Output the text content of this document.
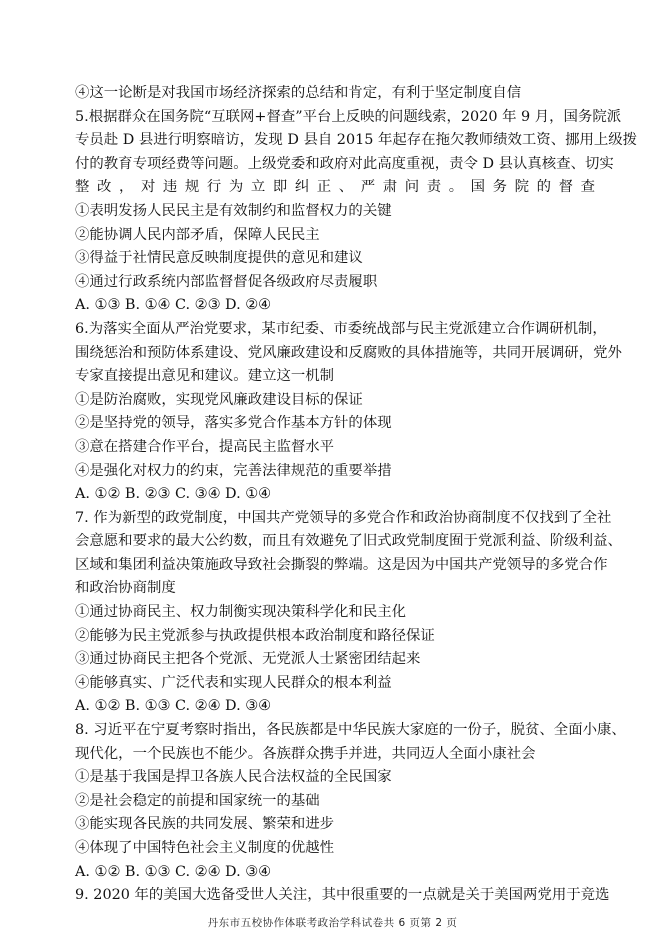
④这一论断是对我国市场经济探索的总结和肯定，有利于坚定制度自信
5.根据群众在国务院“互联网+督查”平台上反映的问题线索，2020 年 9 月，国务院派
专员赴 D 县进行明察暗访，发现 D 县自 2015 年起存在拖欠教师绩效工资、挪用上级拨
付的教育专项经费等问题。上级党委和政府对此高度重视，责令 D 县认真核查、切实
整改，对违规行为立即纠正、严肃问责。国务院的督查
①表明发扬人民民主是有效制约和监督权力的关键
②能协调人民内部矛盾，保障人民民主
③得益于社情民意反映制度提供的意见和建议
④通过行政系统内部监督督促各级政府尽责履职
A. ①③ B. ①④ C. ②③ D. ②④
6.为落实全面从严治党要求，某市纪委、市委统战部与民主党派建立合作调研机制，
围绕惩治和预防体系建设、党风廉政建设和反腐败的具体措施等，共同开展调研，党外
专家直接提出意见和建议。建立这一机制
①是防治腐败，实现党风廉政建设目标的保证
②是坚持党的领导，落实多党合作基本方针的体现
③意在搭建合作平台，提高民主监督水平
④是强化对权力的约束，完善法律规范的重要举措
A. ①② B. ②③ C. ③④ D. ①④
7. 作为新型的政党制度，中国共产党领导的多党合作和政治协商制度不仅找到了全社
会意愿和要求的最大公约数，而且有效避免了旧式政党制度囿于党派利益、阶级利益、
区域和集团利益决策施政导致社会撕裂的弊端。这是因为中国共产党领导的多党合作
和政治协商制度
①通过协商民主、权力制衡实现决策科学化和民主化
②能够为民主党派参与执政提供根本政治制度和路径保证
③通过协商民主把各个党派、无党派人士紧密团结起来
④能够真实、广泛代表和实现人民群众的根本利益
A. ①② B. ①③ C. ②④ D. ③④
8. 习近平在宁夏考察时指出，各民族都是中华民族大家庭的一份子，脱贫、全面小康、
现代化，一个民族也不能少。各族群众携手并进，共同迈人全面小康社会
①是基于我国是捍卫各族人民合法权益的全民国家
②是社会稳定的前提和国家统一的基础
③能实现各民族的共同发展、繁荣和进步
④体现了中国特色社会主义制度的优越性
A. ①② B. ①③ C. ②④ D. ③④
9. 2020 年的美国大选备受世人关注，其中很重要的一点就是关于美国两党用于竞选
丹东市五校协作体联考政治学科试卷共 6 页第 2 页
